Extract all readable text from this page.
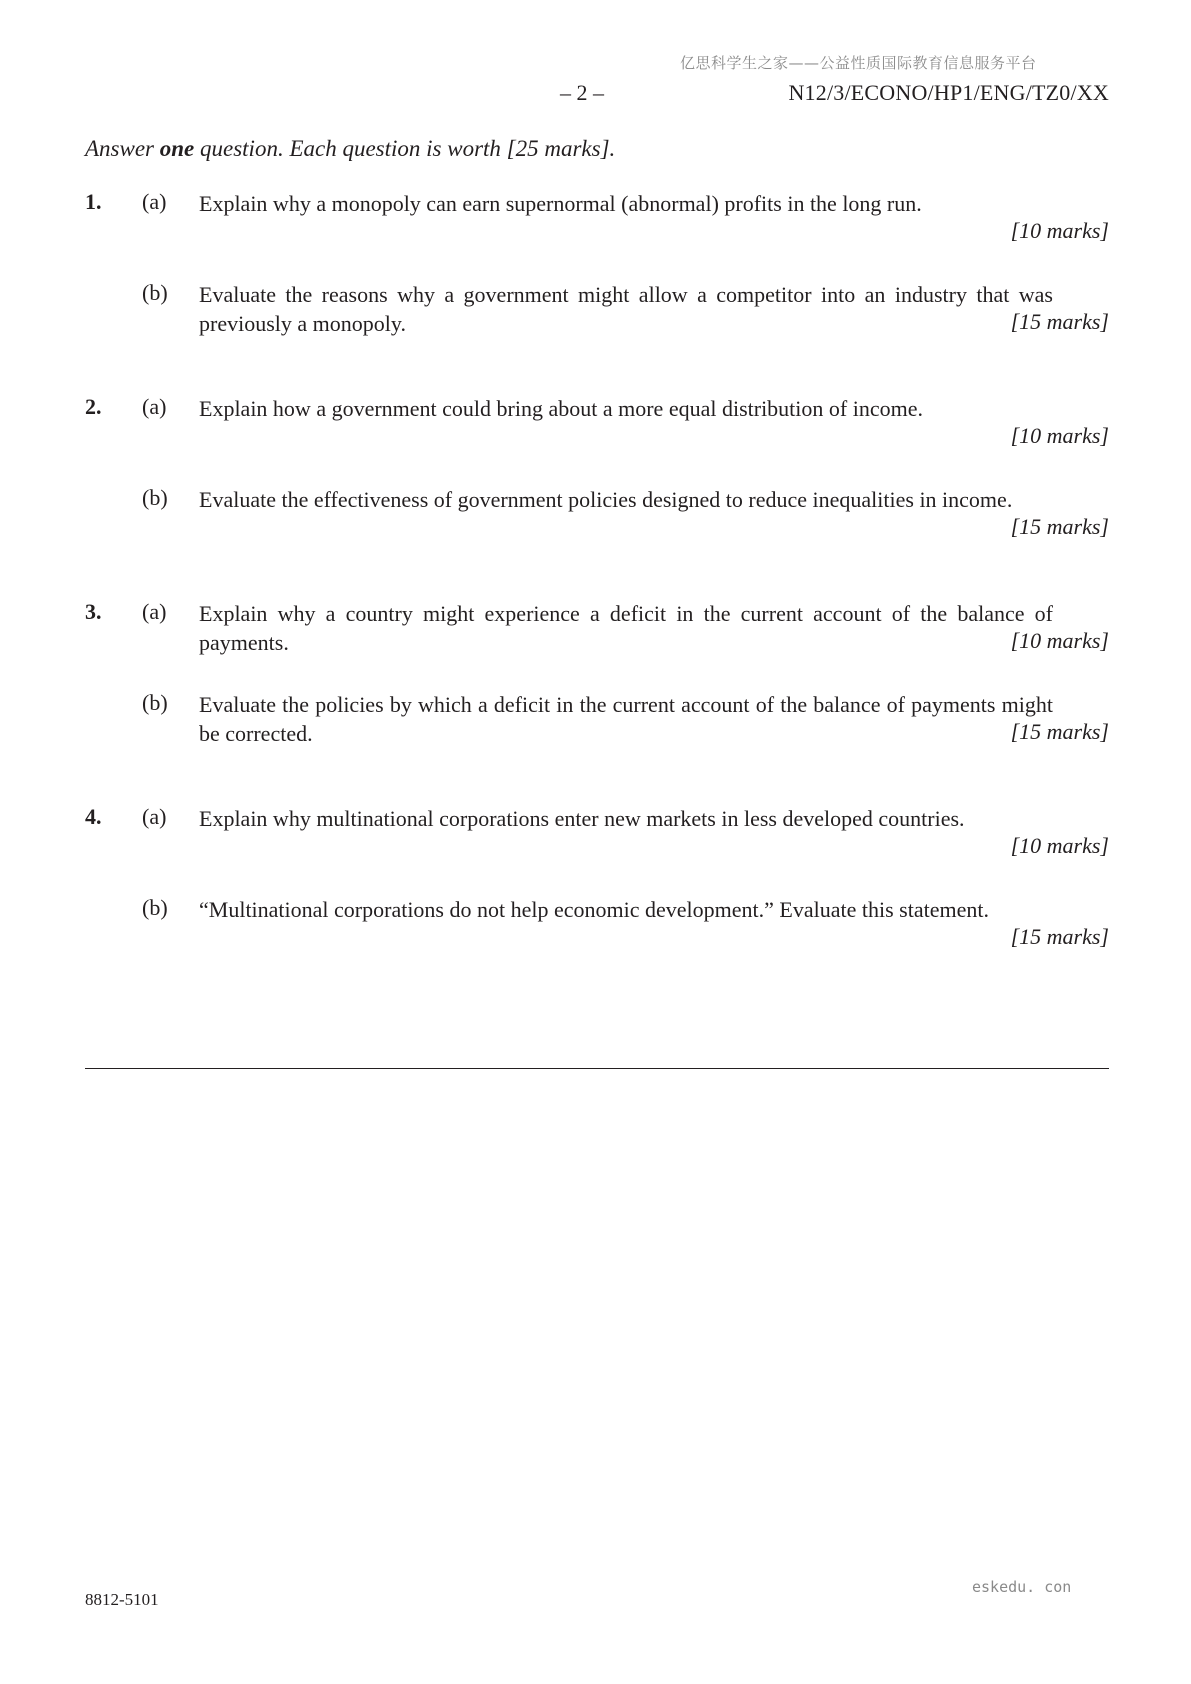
亿思科学生之家——公益性质国际教育信息服务平台
– 2 –	N12/3/ECONO/HP1/ENG/TZ0/XX
Answer one question. Each question is worth [25 marks].
1. (a) Explain why a monopoly can earn supernormal (abnormal) profits in the long run.
[10 marks]
(b) Evaluate the reasons why a government might allow a competitor into an industry that was previously a monopoly.	[15 marks]
2. (a) Explain how a government could bring about a more equal distribution of income.
[10 marks]
(b) Evaluate the effectiveness of government policies designed to reduce inequalities in income.
[15 marks]
3. (a) Explain why a country might experience a deficit in the current account of the balance of payments.	[10 marks]
(b) Evaluate the policies by which a deficit in the current account of the balance of payments might be corrected.	[15 marks]
4. (a) Explain why multinational corporations enter new markets in less developed countries.
[10 marks]
(b) “Multinational corporations do not help economic development.” Evaluate this statement.
[15 marks]
8812-5101
eskedu. con
